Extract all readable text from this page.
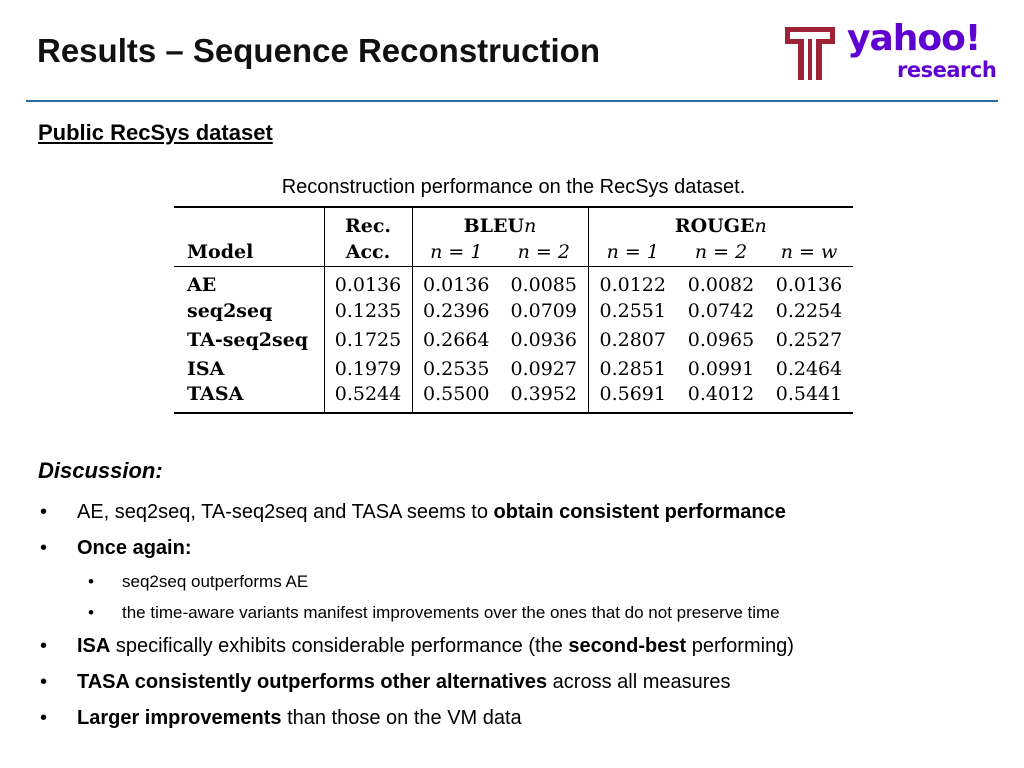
Results – Sequence Reconstruction
T yahoo!
research
Public RecSys dataset
Reconstruction performance on the RecSys dataset.
	Rec.	BLEUn		ROUGEn		
Model	Acc.	n = 1	n = 2	n = 1	n = 2	n = w
AE	0.0136	0.0136	0.0085	0.0122	0.0082	0.0136
seq2seq	0.1235	0.2396	0.0709	0.2551	0.0742	0.2254
TA-seq2seq	0.1725	0.2664	0.0936	0.2807	0.0965	0.2527
ISA	0.1979	0.2535	0.0927	0.2851	0.0991	0.2464
TASA	0.5244	0.5500	0.3952	0.5691	0.4012	0.5441
Discussion:
• AE, seq2seq, TA-seq2seq and TASA seems to obtain consistent performance
• Once again:
• seq2seq outperforms AE
• the time-aware variants manifest improvements over the ones that do not preserve time
• ISA specifically exhibits considerable performance (the second-best performing)
• TASA consistently outperforms other alternatives across all measures
• Larger improvements than those on the VM data
